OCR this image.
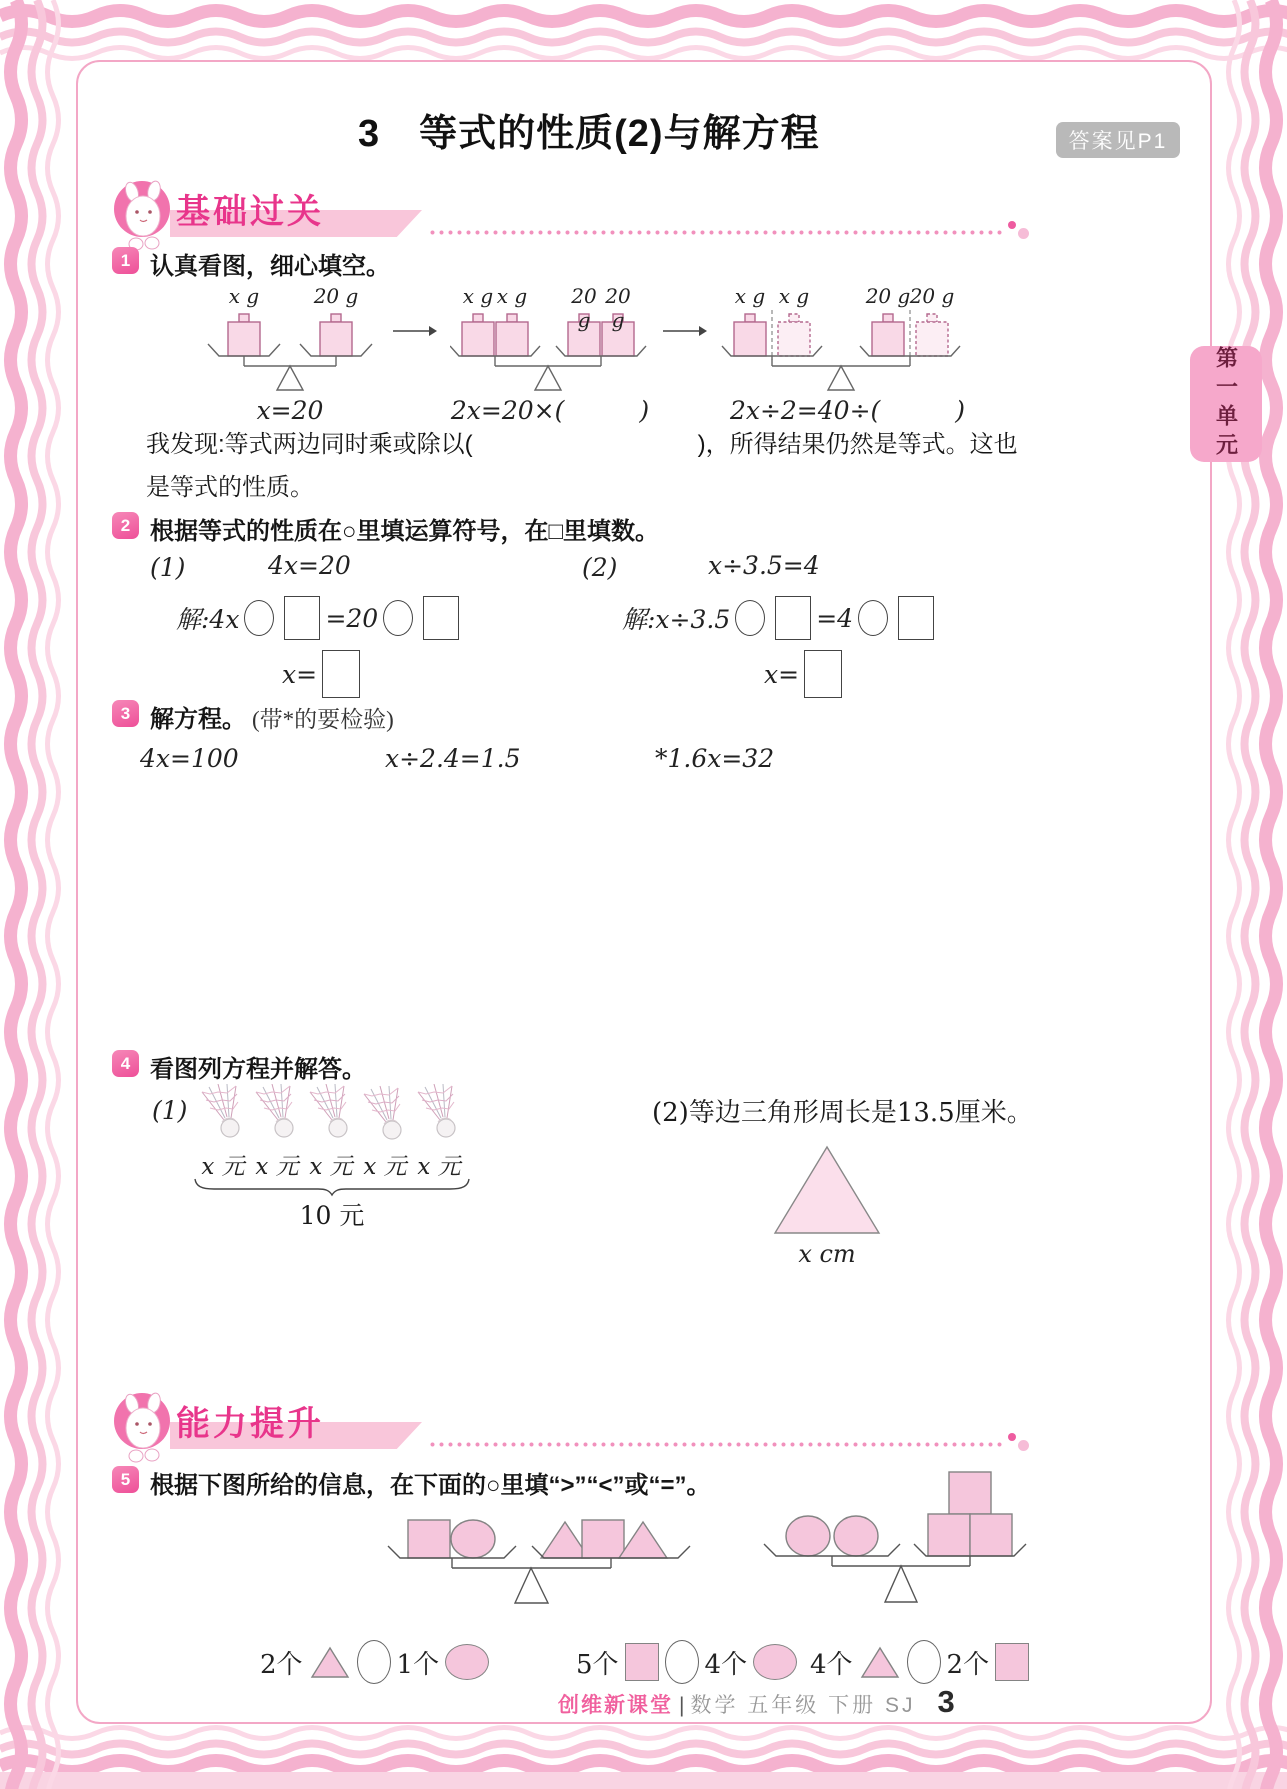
第一单元
3　等式的性质(2)与解方程	答案见P1
基础过关
1 认真看图，细心填空。
x g	20 g
x=20
x g x g	20 g
20 g
2x=20×(   )
x g x g	20 g 20 g
2x÷2=40÷(   )
我发现:等式两边同时乘或除以(	)，所得结果仍然是等式。这也
是等式的性质。
2 根据等式的性质在○里填运算符号，在□里填数。
(1)	4x=20	(2)	x÷3.5=4
解:4x	=20	解:x÷3.5	=4
x=	x=
3 解方程。 (带*的要检验)
4x=100	x÷2.4=1.5	*1.6x=32
4 看图列方程并解答。
(1)
x 元 x 元 x 元 x 元 x 元
10 元
(2)等边三角形周长是13.5厘米。
x cm
能力提升
5 根据下图所给的信息，在下面的○里填“>”“<”或“=”。
2个	1个	5个	4个 4个	2个
创维新课堂 | 数学 五年级 下册 SJ 3
